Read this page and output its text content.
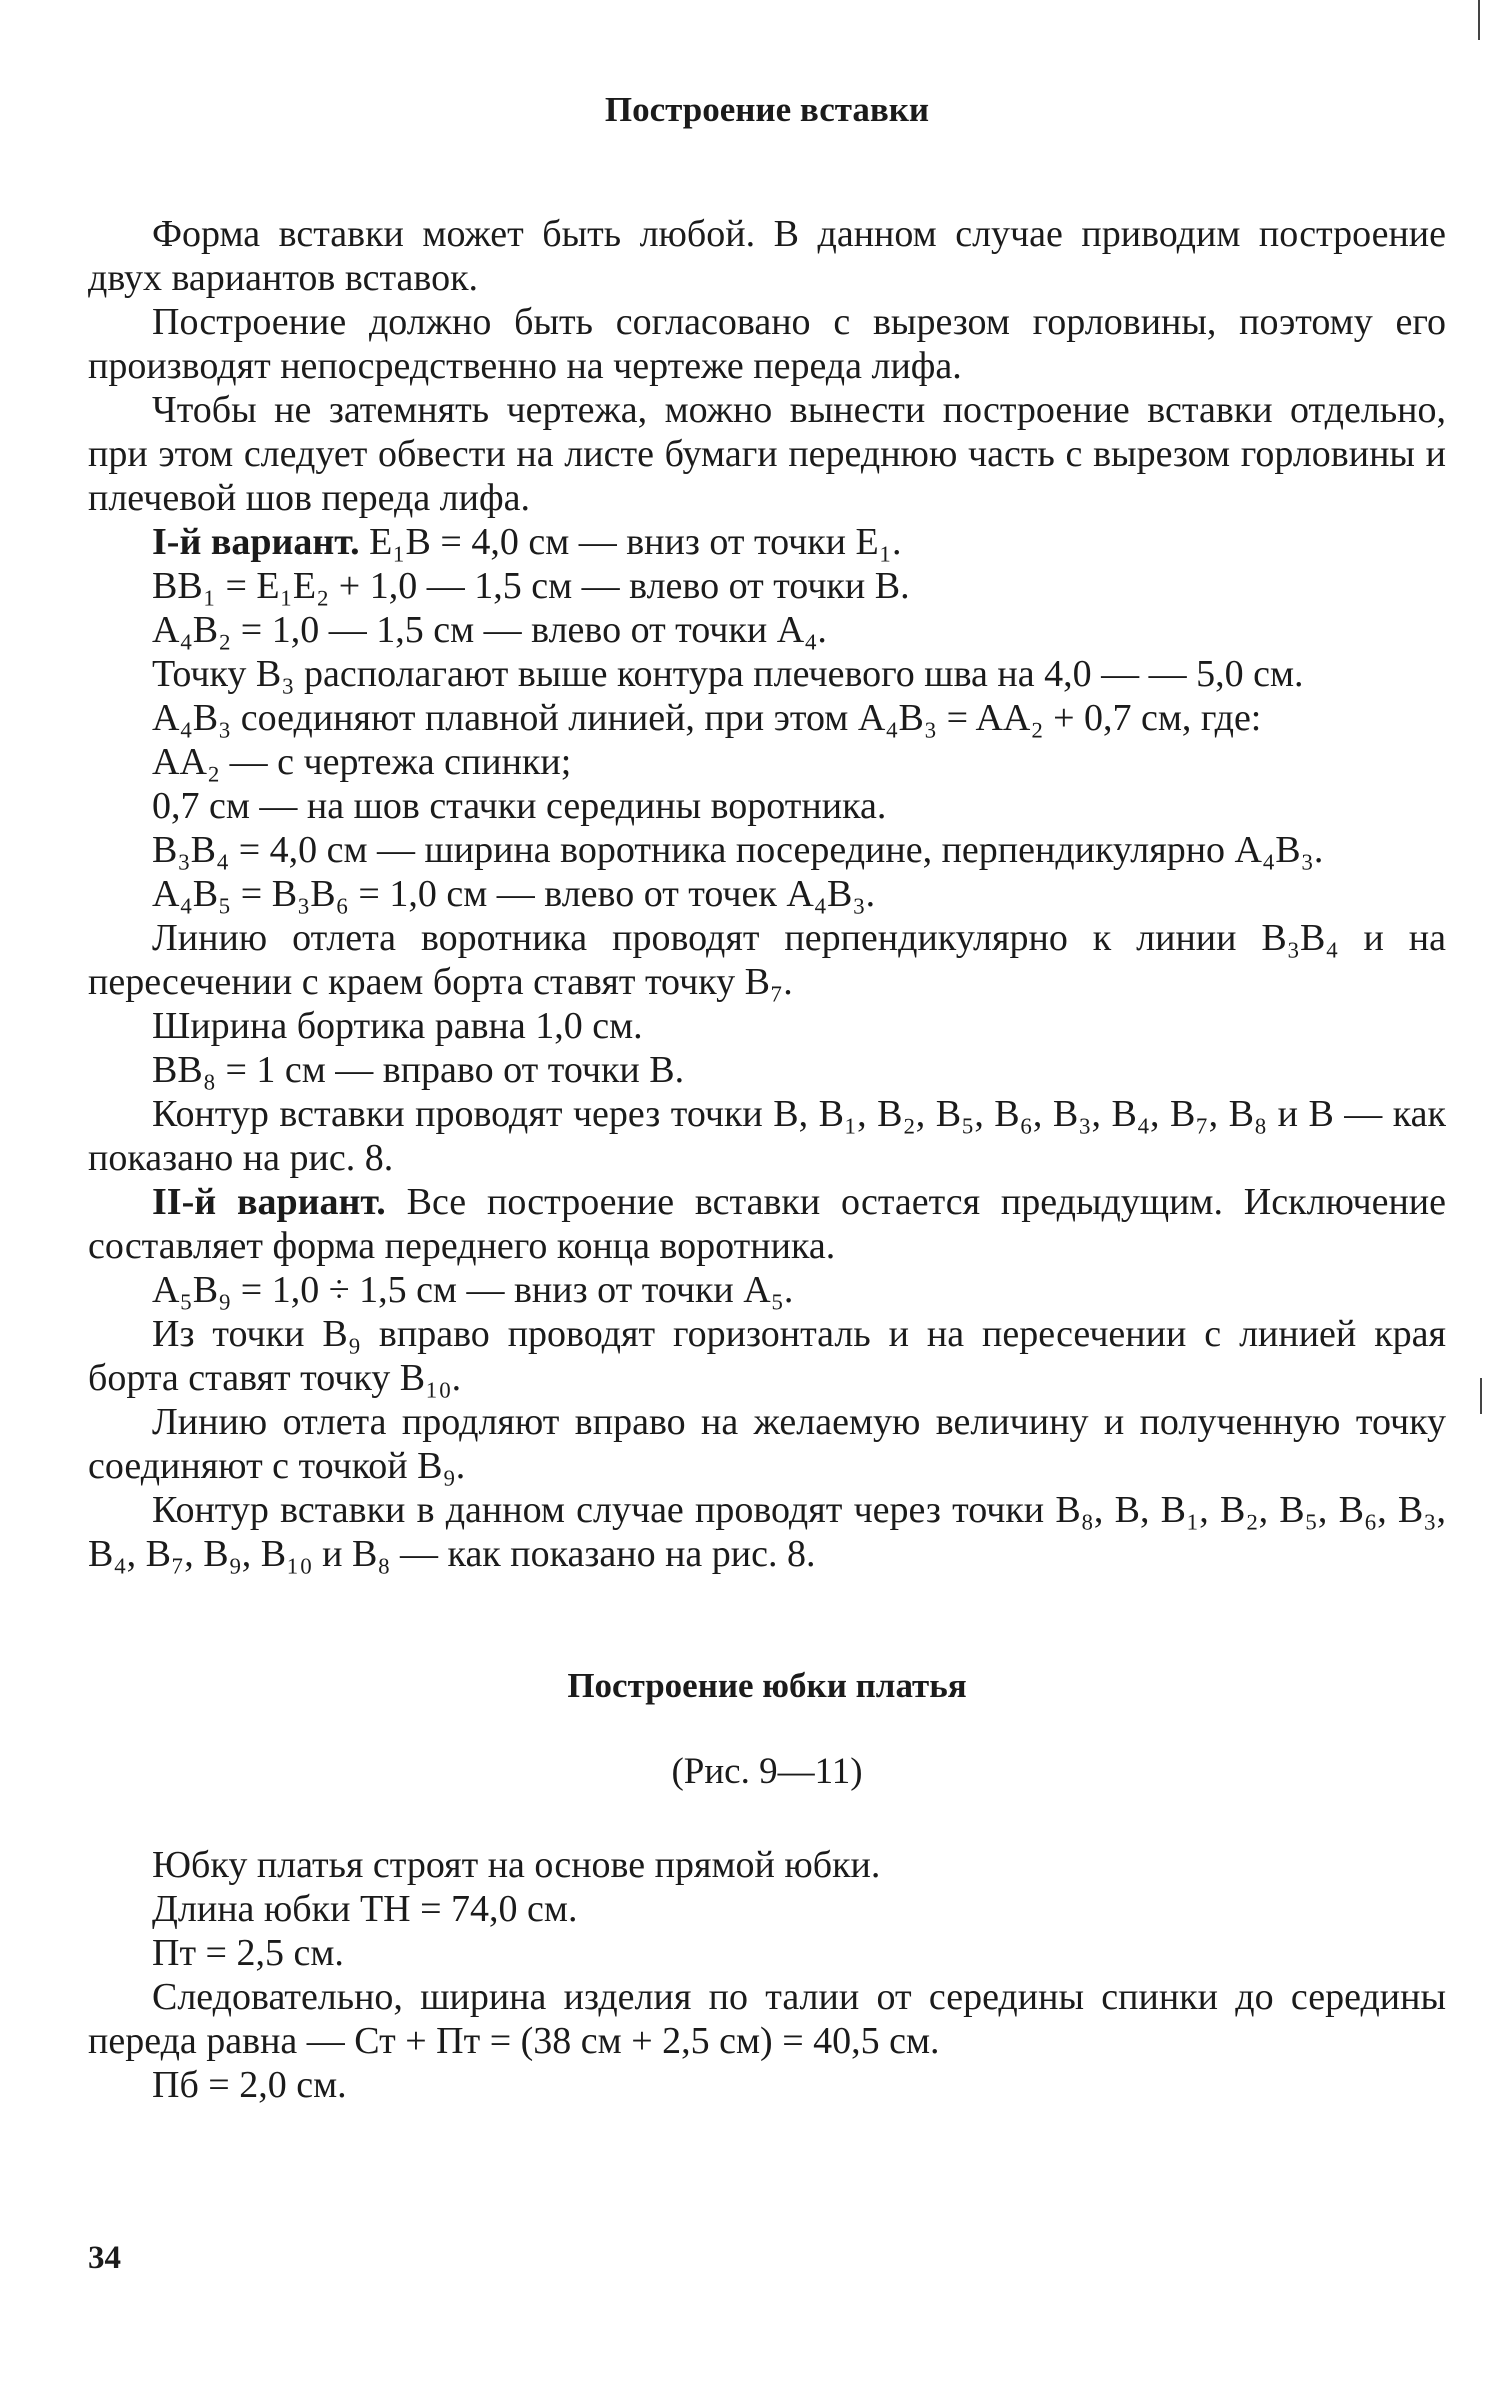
Построение вставки

Форма вставки может быть любой. В данном случае приводим построение двух вариантов вставок.

Построение должно быть согласовано с вырезом горловины, поэтому его производят непосредственно на чертеже переда лифа.

Чтобы не затемнять чертежа, можно вынести построение вставки отдельно, при этом следует обвести на листе бумаги переднюю часть с вырезом горловины и плечевой шов переда лифа.

I-й вариант. E₁B = 4,0 см — вниз от точки E₁.

BB₁ = E₁E₂ + 1,0 — 1,5 см — влево от точки B.

A₄B₂ = 1,0 — 1,5 см — влево от точки A₄.

Точку B₃ располагают выше контура плечевого шва на 4,0 — — 5,0 см.

A₄B₃ соединяют плавной линией, при этом A₄B₃ = AA₂ + 0,7 см, где:

AA₂ — с чертежа спинки;

0,7 см — на шов стачки середины воротника.

B₃B₄ = 4,0 см — ширина воротника посередине, перпендикулярно A₄B₃.

A₄B₅ = B₃B₆ = 1,0 см — влево от точек A₄B₃.

Линию отлета воротника проводят перпендикулярно к линии B₃B₄ и на пересечении с краем борта ставят точку B₇.

Ширина бортика равна 1,0 см.

BB₈ = 1 см — вправо от точки B.

Контур вставки проводят через точки B, B₁, B₂, B₅, B₆, B₃, B₄, B₇, B₈ и B — как показано на рис. 8.

II-й вариант. Все построение вставки остается предыдущим. Исключение составляет форма переднего конца воротника.

A₅B₉ = 1,0 ÷ 1,5 см — вниз от точки A₅.

Из точки B₉ вправо проводят горизонталь и на пересечении с линией края борта ставят точку B₁₀.

Линию отлета продляют вправо на желаемую величину и полученную точку соединяют с точкой B₉.

Контур вставки в данном случае проводят через точки B₈, B, B₁, B₂, B₅, B₆, B₃, B₄, B₇, B₉, B₁₀ и B₈ — как показано на рис. 8.

Построение юбки платья

(Рис. 9—11)

Юбку платья строят на основе прямой юбки.

Длина юбки TH = 74,0 см.

Пт = 2,5 см.

Следовательно, ширина изделия по талии от середины спинки до середины переда равна — Ст + Пт = (38 см + 2,5 см) = 40,5 см.

Пб = 2,0 см.

34
